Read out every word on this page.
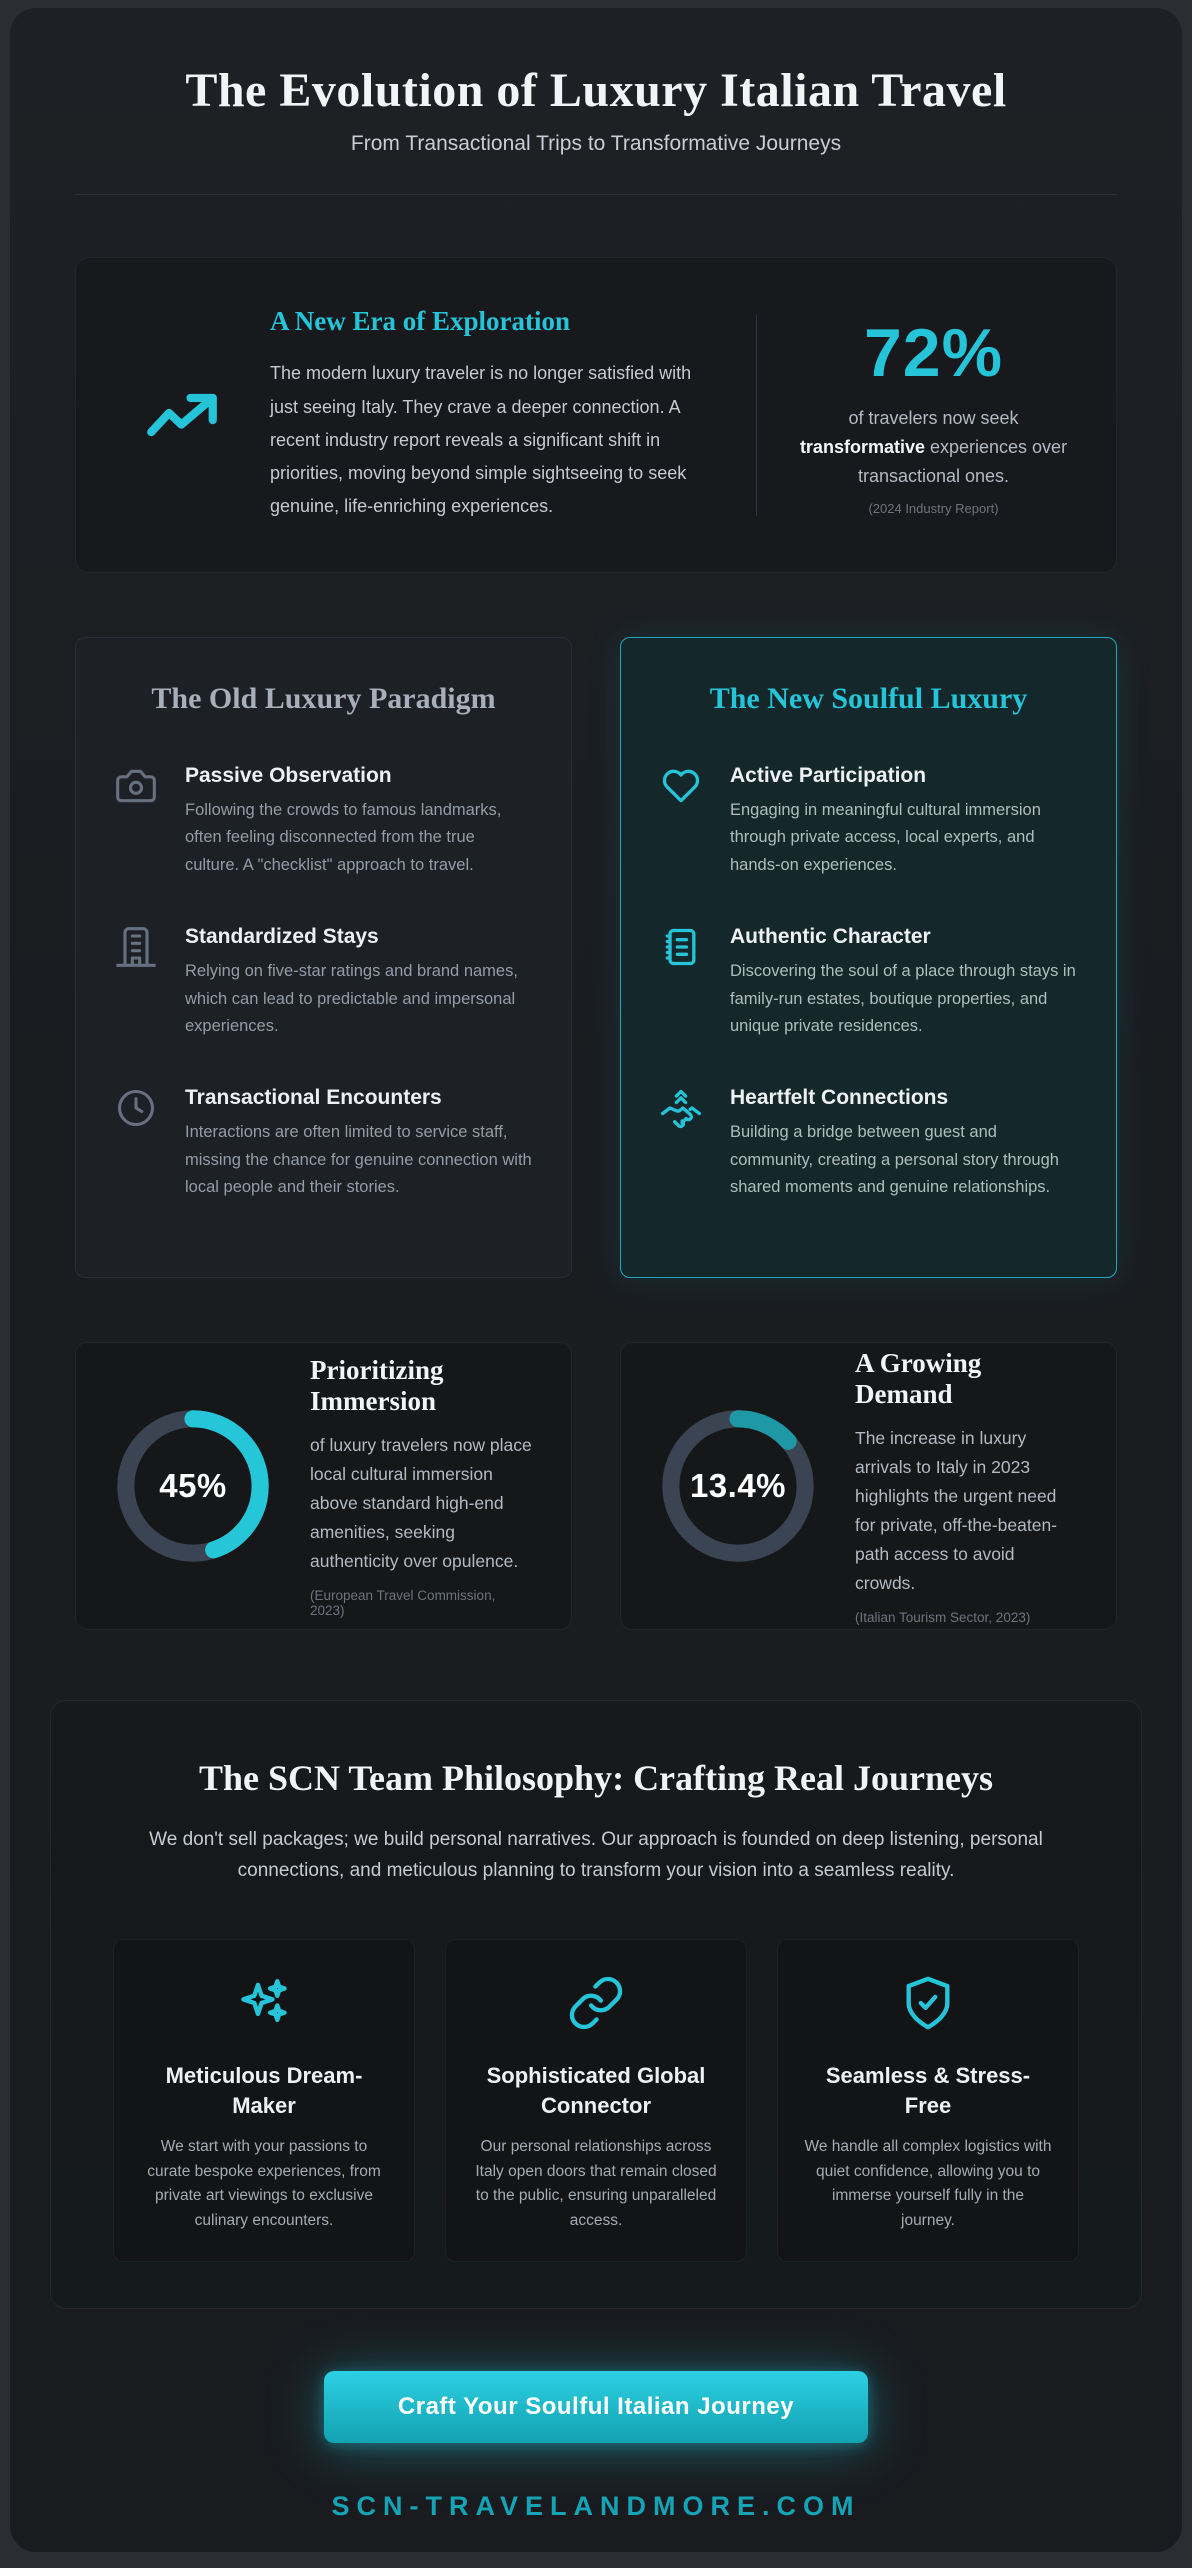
The Evolution of Luxury Italian Travel
From Transactional Trips to Transformative Journeys
A New Era of Exploration
The modern luxury traveler is no longer satisfied with just seeing Italy. They crave a deeper connection. A recent industry report reveals a significant shift in priorities, moving beyond simple sightseeing to seek genuine, life-enriching experiences.
72%
of travelers now seek transformative experiences over transactional ones.
(2024 Industry Report)
The Old Luxury Paradigm
Passive Observation
Following the crowds to famous landmarks, often feeling disconnected from the true culture. A "checklist" approach to travel.
Standardized Stays
Relying on five-star ratings and brand names, which can lead to predictable and impersonal experiences.
Transactional Encounters
Interactions are often limited to service staff, missing the chance for genuine connection with local people and their stories.
The New Soulful Luxury
Active Participation
Engaging in meaningful cultural immersion through private access, local experts, and hands-on experiences.
Authentic Character
Discovering the soul of a place through stays in family-run estates, boutique properties, and unique private residences.
Heartfelt Connections
Building a bridge between guest and community, creating a personal story through shared moments and genuine relationships.
45%
Prioritizing Immersion
of luxury travelers now place local cultural immersion above standard high-end amenities, seeking authenticity over opulence.
(European Travel Commission, 2023)
13.4%
A Growing Demand
The increase in luxury arrivals to Italy in 2023 highlights the urgent need for private, off-the-beaten-path access to avoid crowds.
(Italian Tourism Sector, 2023)
The SCN Team Philosophy: Crafting Real Journeys

We don't sell packages; we build personal narratives. Our approach is founded on deep listening, personal connections, and meticulous planning to transform your vision into a seamless reality.

Meticulous Dream-Maker
We start with your passions to curate bespoke experiences, from private art viewings to exclusive culinary encounters.
Sophisticated Global Connector
Our personal relationships across Italy open doors that remain closed to the public, ensuring unparalleled access.
Seamless & Stress-Free
We handle all complex logistics with quiet confidence, allowing you to immerse yourself fully in the journey.
Craft Your Soulful Italian Journey
SCN-TRAVELANDMORE.COM
